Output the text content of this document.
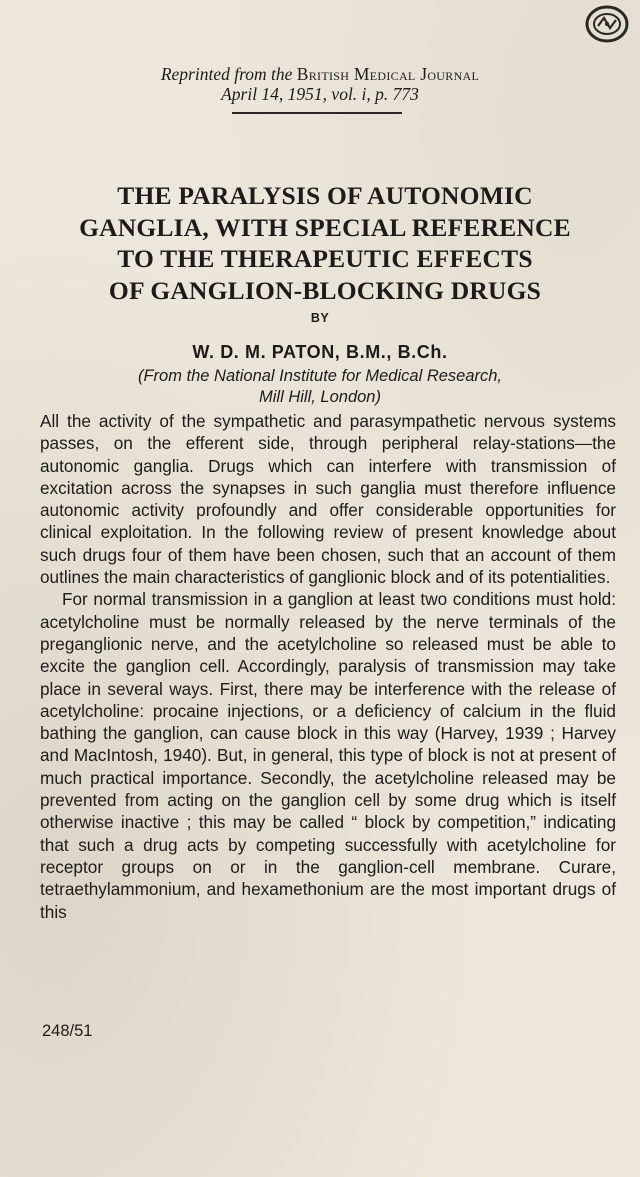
Reprinted from the British Medical Journal
April 14, 1951, vol. i, p. 773
THE PARALYSIS OF AUTONOMIC
GANGLIA, WITH SPECIAL REFERENCE
TO THE THERAPEUTIC EFFECTS
OF GANGLION-BLOCKING DRUGS
BY
W. D. M. PATON, B.M., B.Ch.
(From the National Institute for Medical Research,
Mill Hill, London)

All the activity of the sympathetic and parasympathetic nervous systems passes, on the efferent side, through peripheral relay-stations—the autonomic ganglia. Drugs which can interfere with transmission of excitation across the synapses in such ganglia must therefore influence autonomic activity profoundly and offer considerable opportunities for clinical exploitation. In the following review of present knowledge about such drugs four of them have been chosen, such that an account of them outlines the main characteristics of ganglionic block and of its potentialities.

For normal transmission in a ganglion at least two conditions must hold: acetylcholine must be normally released by the nerve terminals of the preganglionic nerve, and the acetylcholine so released must be able to excite the ganglion cell. Accordingly, paralysis of transmission may take place in several ways. First, there may be interference with the release of acetylcholine: procaine injections, or a deficiency of calcium in the fluid bathing the ganglion, can cause block in this way (Harvey, 1939 ; Harvey and MacIntosh, 1940). But, in general, this type of block is not at present of much practical importance. Secondly, the acetylcholine released may be prevented from acting on the ganglion cell by some drug which is itself otherwise inactive ; this may be called “ block by competition,” indicating that such a drug acts by competing successfully with acetylcholine for receptor groups on or in the ganglion-cell membrane. Curare, tetraethylammonium, and hexamethonium are the most important drugs of this

248/51
